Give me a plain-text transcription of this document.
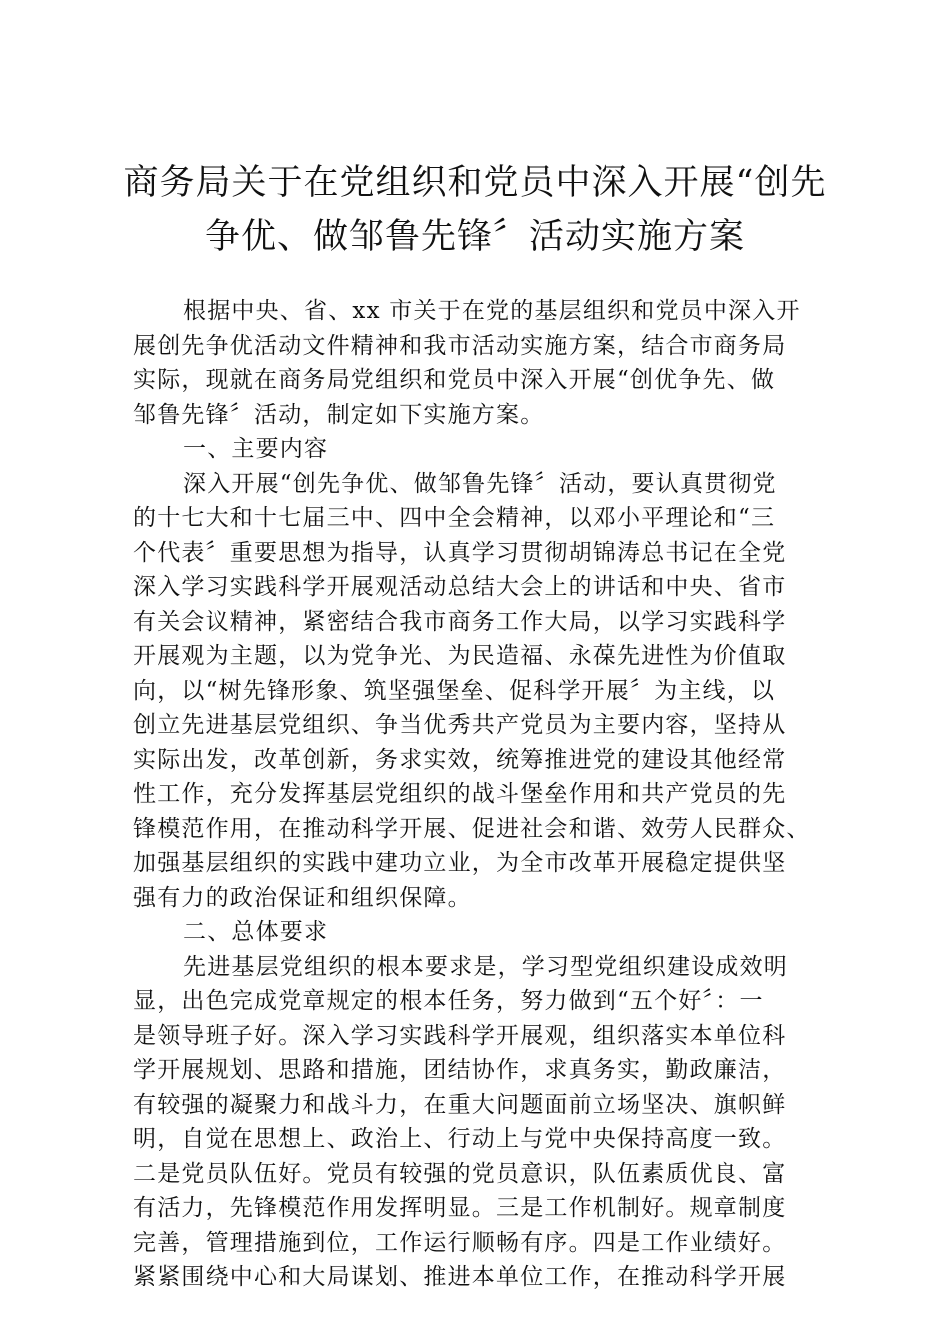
商务局关于在党组织和党员中深入开展“创先
争优、做邹鲁先锋〞活动实施方案
根据中央、省、xx 市关于在党的基层组织和党员中深入开
展创先争优活动文件精神和我市活动实施方案，结合市商务局
实际，现就在商务局党组织和党员中深入开展“创优争先、做
邹鲁先锋〞活动，制定如下实施方案。
一、主要内容
深入开展“创先争优、做邹鲁先锋〞活动，要认真贯彻党
的十七大和十七届三中、四中全会精神，以邓小平理论和“三
个代表〞重要思想为指导，认真学习贯彻胡锦涛总书记在全党
深入学习实践科学开展观活动总结大会上的讲话和中央、省市
有关会议精神，紧密结合我市商务工作大局，以学习实践科学
开展观为主题，以为党争光、为民造福、永葆先进性为价值取
向，以“树先锋形象、筑坚强堡垒、促科学开展〞为主线，以
创立先进基层党组织、争当优秀共产党员为主要内容，坚持从
实际出发，改革创新，务求实效，统筹推进党的建设其他经常
性工作，充分发挥基层党组织的战斗堡垒作用和共产党员的先
锋模范作用，在推动科学开展、促进社会和谐、效劳人民群众、
加强基层组织的实践中建功立业，为全市改革开展稳定提供坚
强有力的政治保证和组织保障。
二、总体要求
先进基层党组织的根本要求是，学习型党组织建设成效明
显，出色完成党章规定的根本任务，努力做到“五个好〞：一
是领导班子好。深入学习实践科学开展观，组织落实本单位科
学开展规划、思路和措施，团结协作，求真务实，勤政廉洁，
有较强的凝聚力和战斗力，在重大问题面前立场坚决、旗帜鲜
明，自觉在思想上、政治上、行动上与党中央保持高度一致。
二是党员队伍好。党员有较强的党员意识，队伍素质优良、富
有活力，先锋模范作用发挥明显。三是工作机制好。规章制度
完善，管理措施到位，工作运行顺畅有序。四是工作业绩好。
紧紧围绕中心和大局谋划、推进本单位工作，在推动科学开展
